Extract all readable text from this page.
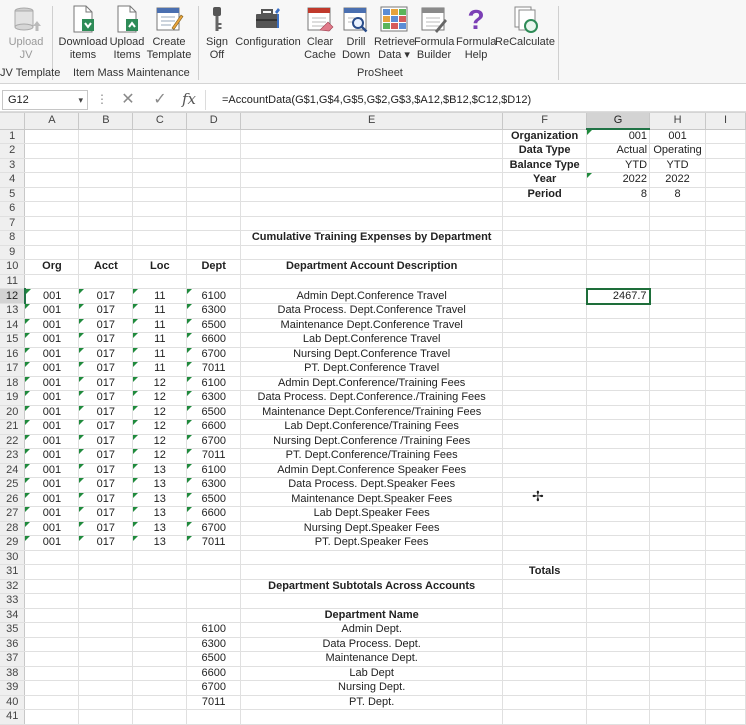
Upload JV
Download items
Upload Items
Create Template
Sign Off
Configuration Clear Cache
Drill Down
Retrieve Data ▾
Formula Builder
?
Formula Help
ReCalculate
JV Template Item Mass Maintenance	ProSheet
G12	▾ ⋮ ✕ ✓ fx	=AccountData(G$1,G$4,G$5,G$2,G$3,$A12,$B12,$C12,$D12)
	A	B	C	D	E	F	G	H	I
1						Organization	001	001	
2						Data Type	Actual	Operating	
3						Balance Type	YTD	YTD	
4						Year	2022	2022	
5						Period	8	8	
6									
7									
8					Cumulative Training Expenses by Department				
9									
10	Org	Acct	Loc	Dept	Department Account Description				
11									
12	001	017	11	6100	Admin Dept.Conference Travel		2467.7		
13	001	017	11	6300	Data Process. Dept.Conference Travel				
14	001	017	11	6500	Maintenance Dept.Conference Travel				
15	001	017	11	6600	Lab Dept.Conference Travel				
16	001	017	11	6700	Nursing Dept.Conference Travel				
17	001	017	11	7011	PT. Dept.Conference Travel				
18	001	017	12	6100	Admin Dept.Conference/Training Fees				
19	001	017	12	6300	Data Process. Dept.Conference./Training Fees				
20	001	017	12	6500	Maintenance Dept.Conference/Training Fees				
21	001	017	12	6600	Lab Dept.Conference/Training Fees				
22	001	017	12	6700	Nursing Dept.Conference /Training Fees				
23	001	017	12	7011	PT. Dept.Conference/Training Fees				
24	001	017	13	6100	Admin Dept.Conference Speaker Fees				
25	001	017	13	6300	Data Process. Dept.Speaker Fees				
26	001	017	13	6500	Maintenance Dept.Speaker Fees				
27	001	017	13	6600	Lab Dept.Speaker Fees				
28	001	017	13	6700	Nursing Dept.Speaker Fees				
29	001	017	13	7011	PT. Dept.Speaker Fees				
30									
31						Totals			
32					Department Subtotals Across Accounts				
33									
34					Department Name				
35				6100	Admin Dept.				
36				6300	Data Process. Dept.				
37				6500	Maintenance Dept.				
38				6600	Lab Dept				
39				6700	Nursing Dept.				
40				7011	PT. Dept.				
41									
✢
